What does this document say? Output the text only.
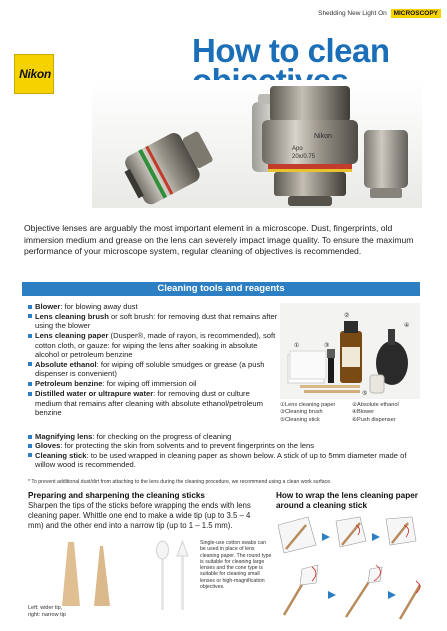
Shedding New Light On MICROSCOPY
Nikon
How to clean
Nikon
Apo
20x/0.75

Objective lenses are arguably the most important element in a microscope. Dust, fingerprints, old immersion medium and grease on the lens can severely impact image quality. To ensure the maximum performance of your microscope system, regular cleaning of objectives is recommended.

Cleaning tools and reagents
Blower: for blowing away dust
Lens cleaning brush or soft brush: for removing dust that remains after using the blower
Lens cleaning paper (Dusper®, made of rayon, is recommended), soft cotton cloth, or gauze: for wiping the lens after soaking in absolute alcohol or petroleum benzine
Absolute ethanol: for wiping off soluble smudges or grease (a push dispenser is convenient)
Petroleum benzine: for wiping off immersion oil
Distilled water or ultrapure water: for removing dust or culture medium that remains after cleaning with absolute ethanol/petroleum benzine
①
②
③
④
⑤
①Lens cleaning paper	②Absolute ethanol
③Cleaning brush	④Blower
⑤Cleaning stick	⑥Push dispenser
Magnifying lens: for checking on the progress of cleaning
Gloves: for protecting the skin from solvents and to prevent fingerprints on the lens
Cleaning stick: to be used wrapped in cleaning paper as shown below. A stick of up to 5mm diameter made of willow wood is recommended.
* To prevent additional dust/dirt from attaching to the lens during the cleaning procedure, we recommend using a clean work surface.
Preparing and sharpening the cleaning sticks

Sharpen the tips of the sticks before wrapping the ends with lens cleaning paper. Whittle one end to make a wide tip (up to 3.5 – 4 mm) and the other end into a narrow tip (up to 1 – 1.5 mm).

Left: wider tip,
right: narrow tip

Single-use cotton swabs can be used in place of lens cleaning paper. The round type is suitable for cleaning large lenses and the cone type is suitable for cleaning small lenses or high-magnification objectives.

How to wrap the lens cleaning paper
around a cleaning stick
